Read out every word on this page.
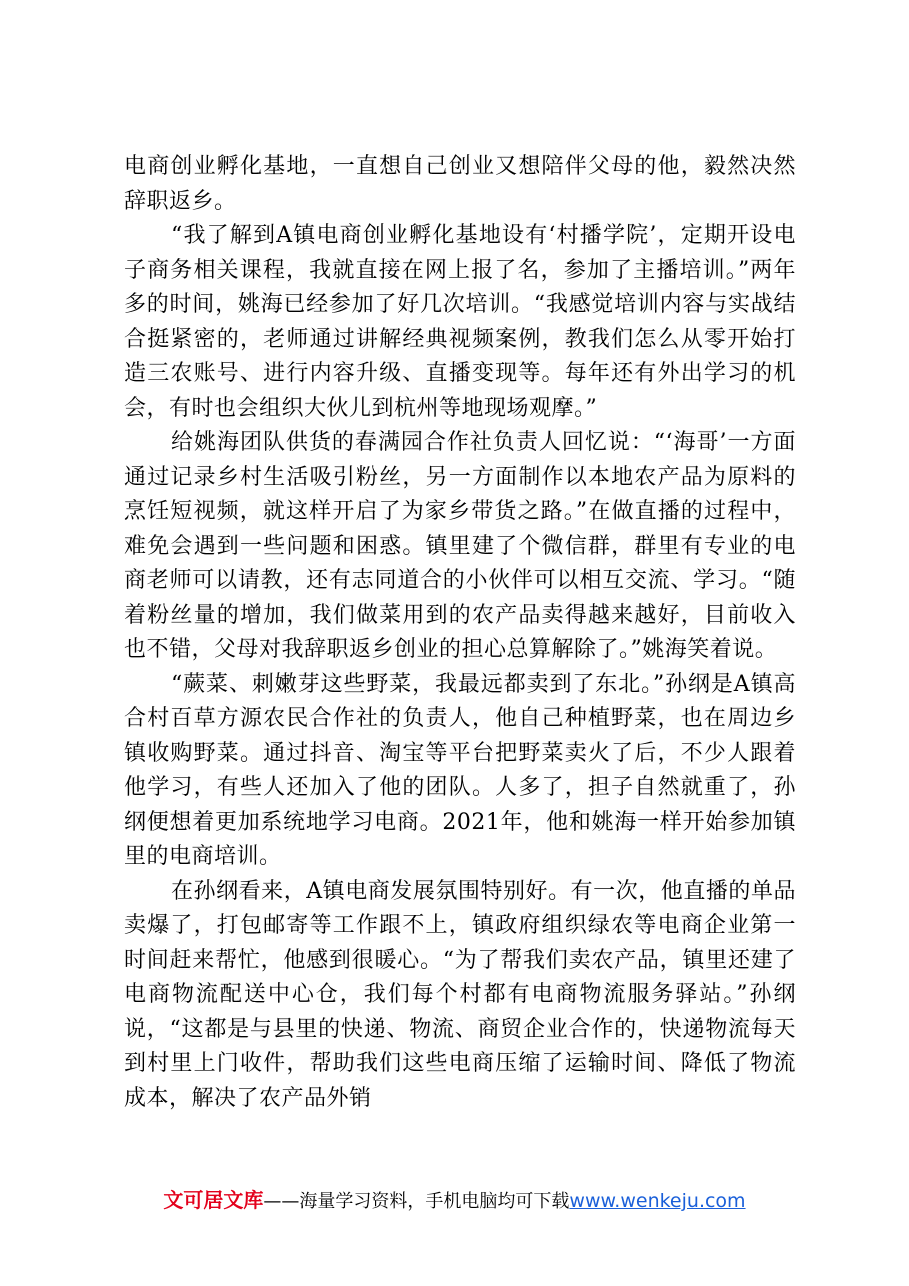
电商创业孵化基地，一直想自己创业又想陪伴父母的他，毅然决然辞职返乡。

“我了解到A镇电商创业孵化基地设有‘村播学院’，定期开设电子商务相关课程，我就直接在网上报了名，参加了主播培训。”两年多的时间，姚海已经参加了好几次培训。“我感觉培训内容与实战结合挺紧密的，老师通过讲解经典视频案例，教我们怎么从零开始打造三农账号、进行内容升级、直播变现等。每年还有外出学习的机会，有时也会组织大伙儿到杭州等地现场观摩。”

给姚海团队供货的春满园合作社负责人回忆说：“‘海哥’一方面通过记录乡村生活吸引粉丝，另一方面制作以本地农产品为原料的烹饪短视频，就这样开启了为家乡带货之路。”在做直播的过程中，难免会遇到一些问题和困惑。镇里建了个微信群，群里有专业的电商老师可以请教，还有志同道合的小伙伴可以相互交流、学习。“随着粉丝量的增加，我们做菜用到的农产品卖得越来越好，目前收入也不错，父母对我辞职返乡创业的担心总算解除了。”姚海笑着说。

“蕨菜、刺嫩芽这些野菜，我最远都卖到了东北。”孙纲是A镇高合村百草方源农民合作社的负责人，他自己种植野菜，也在周边乡镇收购野菜。通过抖音、淘宝等平台把野菜卖火了后，不少人跟着他学习，有些人还加入了他的团队。人多了，担子自然就重了，孙纲便想着更加系统地学习电商。2021年，他和姚海一样开始参加镇里的电商培训。

在孙纲看来，A镇电商发展氛围特别好。有一次，他直播的单品卖爆了，打包邮寄等工作跟不上，镇政府组织绿农等电商企业第一时间赶来帮忙，他感到很暖心。“为了帮我们卖农产品，镇里还建了电商物流配送中心仓，我们每个村都有电商物流服务驿站。”孙纲说，“这都是与县里的快递、物流、商贸企业合作的，快递物流每天到村里上门收件，帮助我们这些电商压缩了运输时间、降低了物流成本，解决了农产品外销

文可居文库——海量学习资料，手机电脑均可下载www.wenkeju.com
